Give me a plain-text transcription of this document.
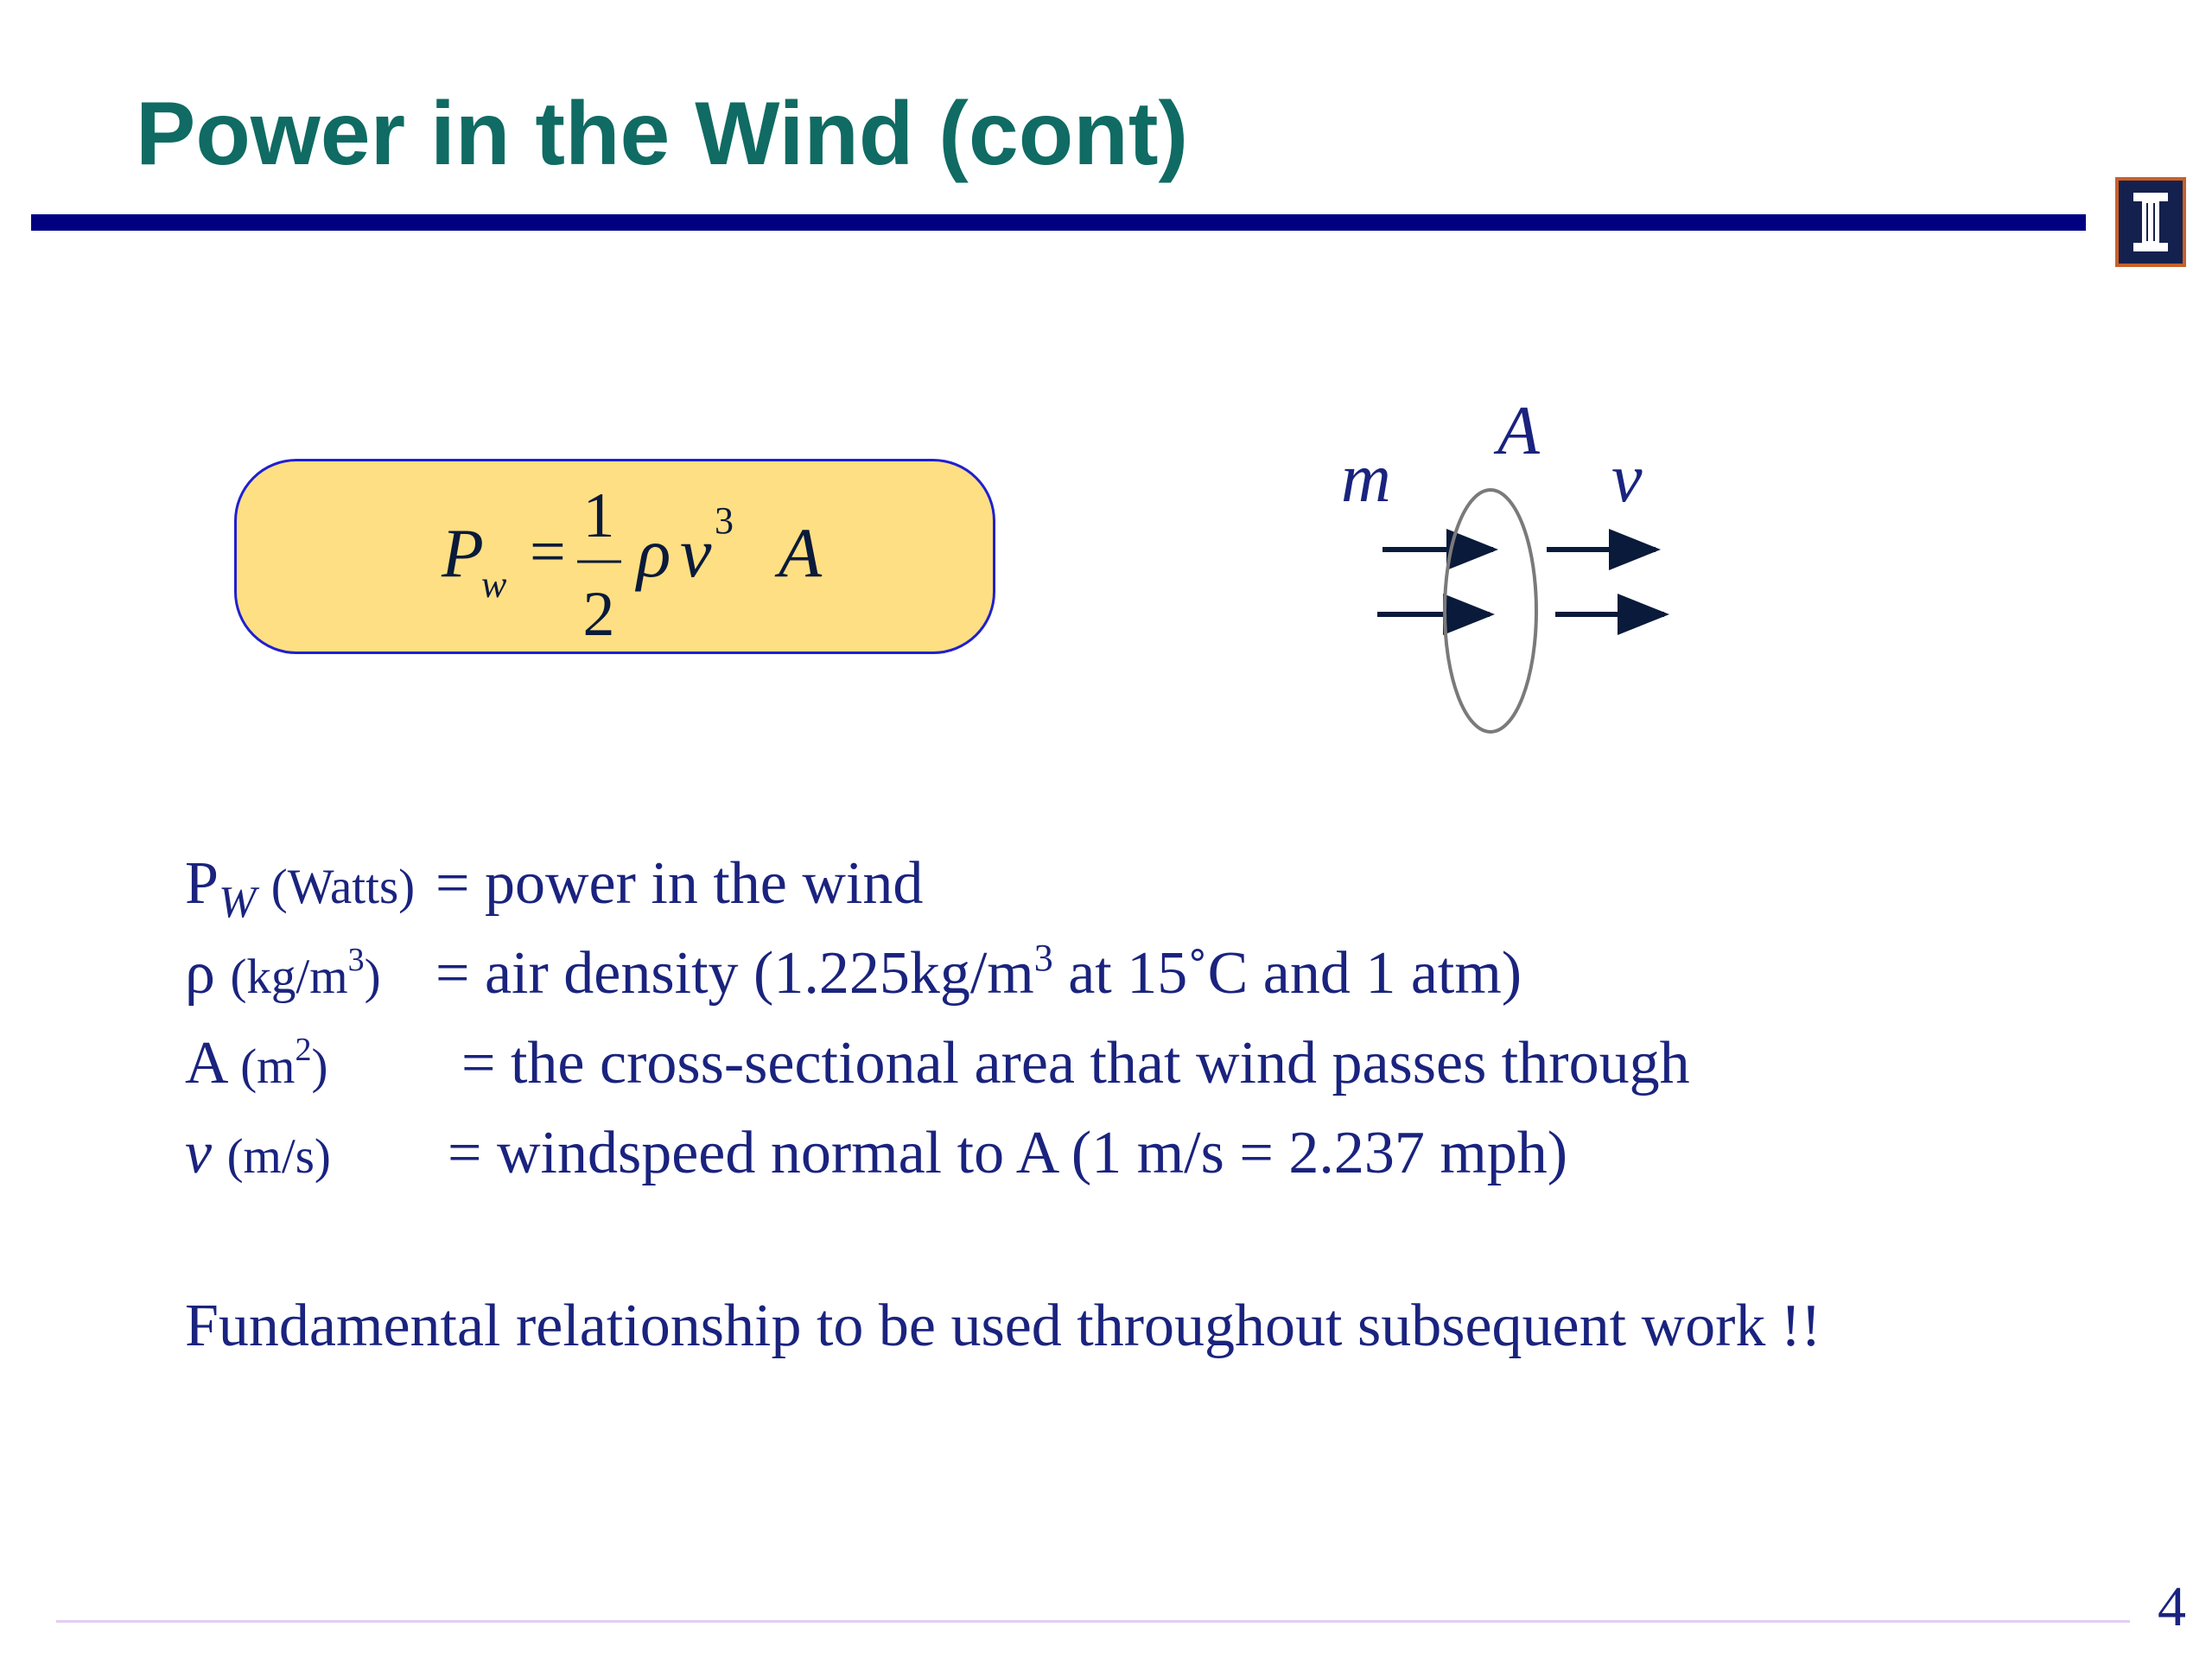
Power in the Wind (cont)
P
w =
1
2
ρ v 3 A
A
m	v
$P_W$ (Watts) = power in the wind
ρ $(kg/m^3)$ = air density ($1.225kg/m^3$ at 15˚C and 1 atm)
A $(m^2)$ = the cross-sectional area that wind passes through
v (m/s) = windspeed normal to A (1 m/s = 2.237 mph)

Fundamental relationship to be used throughout subsequent work !!

4
